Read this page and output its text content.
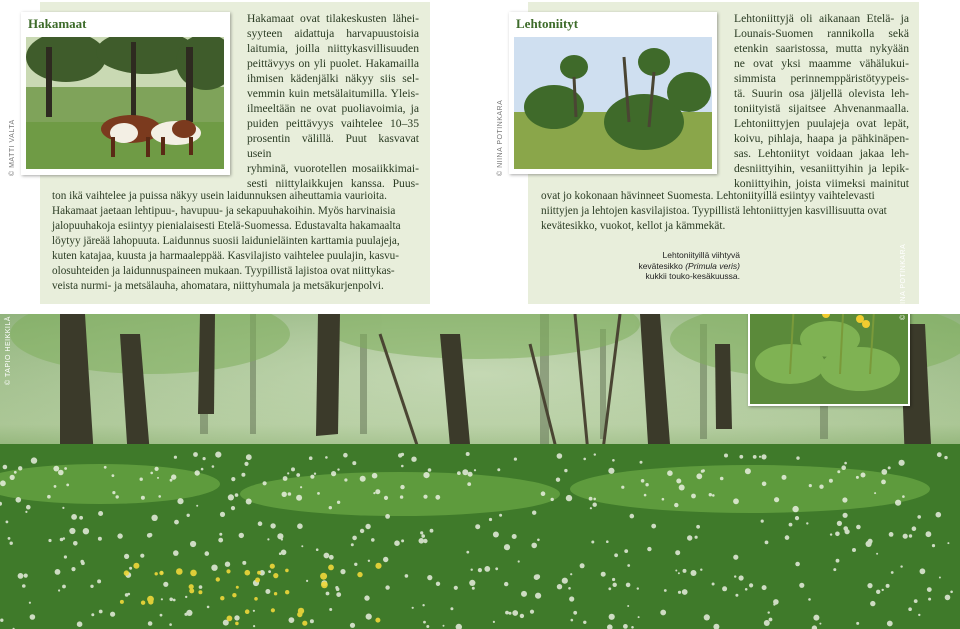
Hakamaat
© MATTI VALTA

Hakamaat ovat tilakeskusten lähei-

syyteen aidattuja harvapuustoisia

laitumia, joilla niittykasvillisuuden

peittävyys on yli puolet. Hakamailla

ihmisen kädenjälki näkyy siis sel-

vemmin kuin metsälaitumilla. Yleis-

ilmeeltään ne ovat puoliavoimia, ja

puiden peittävyys vaihtelee 10–35

prosentin välillä. Puut kasvavat usein

ryhminä, vuorotellen mosaiikkimai-

sesti niittylaikkujen kanssa. Puus-

ton ikä vaihtelee ja puissa näkyy usein laidunnuksen aiheuttamia vaurioita.

Hakamaat jaetaan lehtipuu-, havupuu- ja sekapuuhakoihin. Myös harvinaisia

jalopuuhakoja esiintyy pienialaisesti Etelä-Suomessa. Edustavalta hakamaalta

löytyy järeää lahopuuta. Laidunnus suosii laidunieläinten karttamia puulajeja,

kuten katajaa, kuusta ja harmaaleppää. Kasvilajisto vaihtelee puulajin, kasvu-

olosuhteiden ja laidunnuspaineen mukaan. Tyypillistä lajistoa ovat niittykas-

veista nurmi- ja metsälauha, ahomatara, niittyhumala ja metsäkurjenpolvi.

Lehtoniityt
© NIINA POTINKARA

Lehtoniittyjä oli aikanaan Etelä- ja

Lounais-Suomen rannikolla sekä

etenkin saaristossa, mutta nykyään

ne ovat yksi maamme vähälukui-

simmista perinnemppäristötyypeis-

tä. Suurin osa jäljellä olevista leh-

toniityistä sijaitsee Ahvenanmaalla.

Lehtoniittyjen puulajeja ovat lepät,

koivu, pihlaja, haapa ja pähkinäpen-

sas. Lehtoniityt voidaan jakaa leh-

desniittyihin, vesaniittyihin ja lepik-

koniittyihin, joista viimeksi mainitut

ovat jo kokonaan hävinneet Suomesta. Lehtoniityillä esiintyy vaihtelevasti

niittyjen ja lehtojen kasvilajistoa. Tyypillistä lehtoniittyjen kasvillisuutta ovat

kevätesikko, vuokot, kellot ja kämmekät.

Lehtoniityillä viihtyvä
kevätesikko (Primula veris)
kukkii touko-kesäkuussa.	© NIINA POTINKARA
© TAPIO HEIKKILÄ
